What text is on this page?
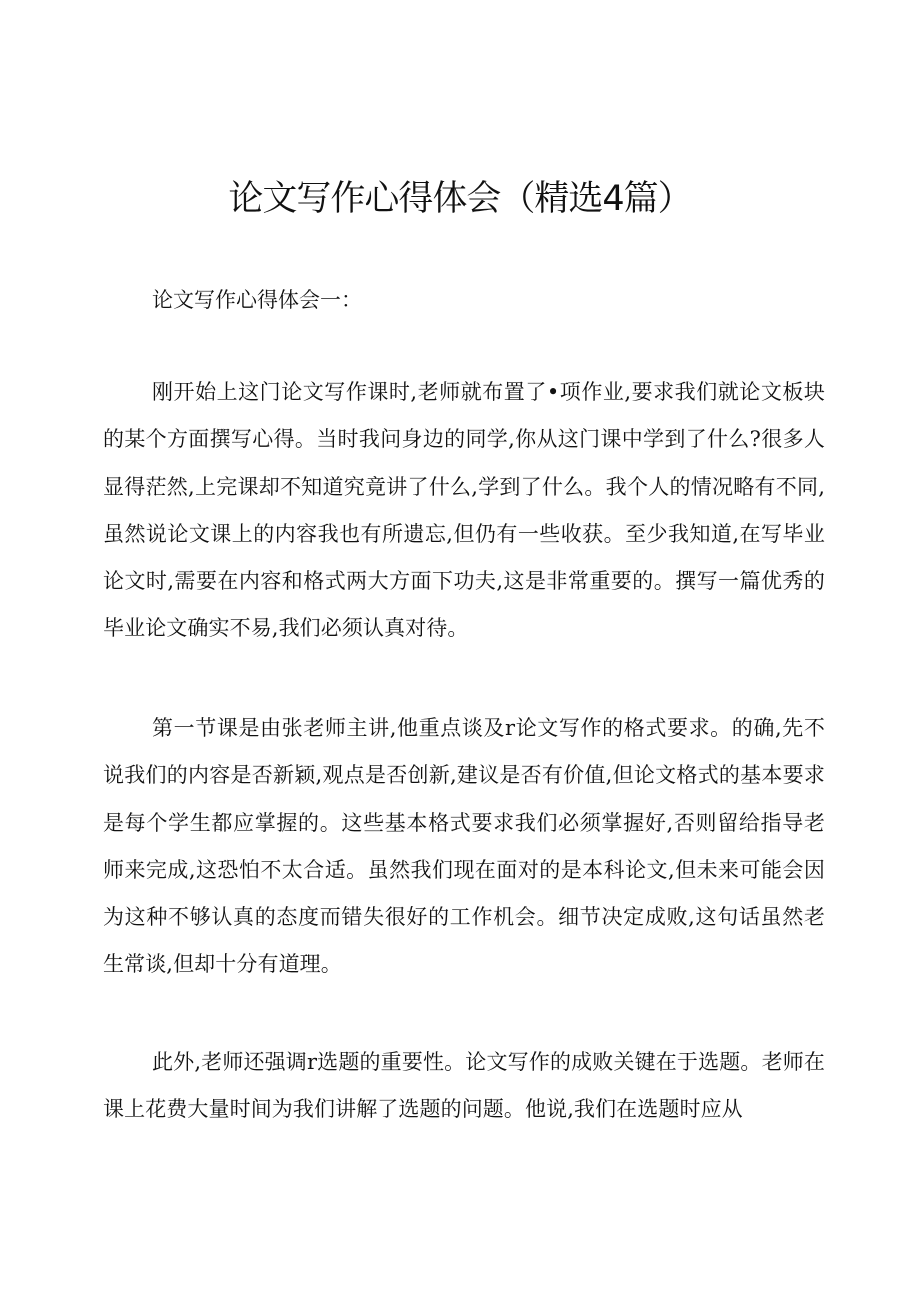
论文写作心得体会（精选4篇）

论文写作心得体会一：

刚开始上这门论文写作课时,老师就布置了•项作业,要求我们就论文板块的某个方面撰写心得。当时我问身边的同学,你从这门课中学到了什么?很多人显得茫然,上完课却不知道究竟讲了什么,学到了什么。我个人的情况略有不同,虽然说论文课上的内容我也有所遗忘,但仍有一些收获。至少我知道,在写毕业论文时,需要在内容和格式两大方面下功夫,这是非常重要的。撰写一篇优秀的毕业论文确实不易,我们必须认真对待。

第一节课是由张老师主讲,他重点谈及r论文写作的格式要求。的确,先不说我们的内容是否新颖,观点是否创新,建议是否有价值,但论文格式的基本要求是每个学生都应掌握的。这些基本格式要求我们必须掌握好,否则留给指导老师来完成,这恐怕不太合适。虽然我们现在面对的是本科论文,但未来可能会因为这种不够认真的态度而错失很好的工作机会。细节决定成败,这句话虽然老生常谈,但却十分有道理。

此外,老师还强调r选题的重要性。论文写作的成败关键在于选题。老师在课上花费大量时间为我们讲解了选题的问题。他说,我们在选题时应从
